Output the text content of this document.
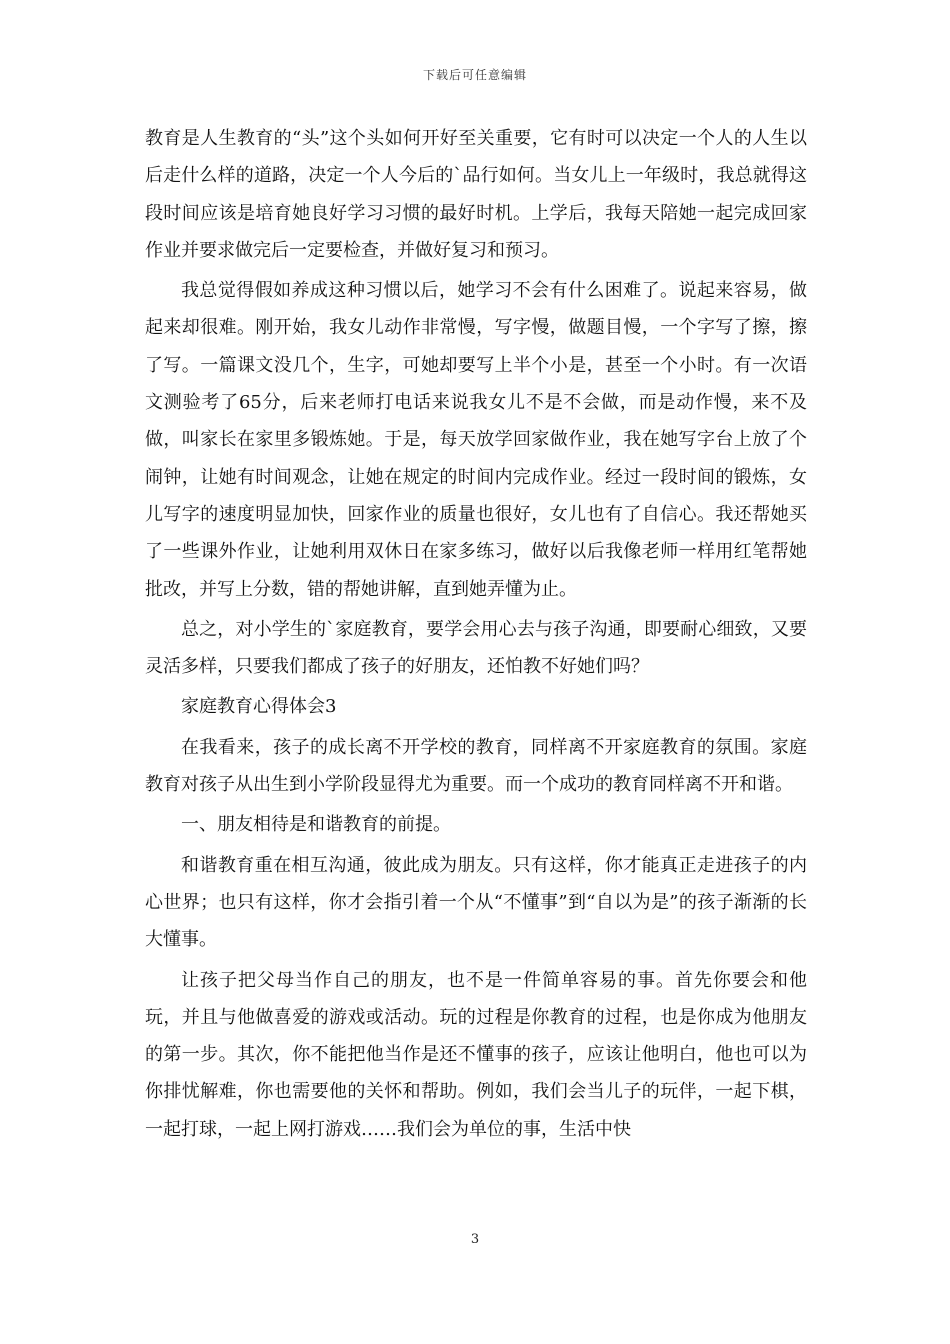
下载后可任意编辑

教育是人生教育的“头”这个头如何开好至关重要，它有时可以决定一个人的人生以后走什么样的道路，决定一个人今后的`品行如何。当女儿上一年级时，我总就得这段时间应该是培育她良好学习习惯的最好时机。上学后，我每天陪她一起完成回家作业并要求做完后一定要检查，并做好复习和预习。

我总觉得假如养成这种习惯以后，她学习不会有什么困难了。说起来容易，做起来却很难。刚开始，我女儿动作非常慢，写字慢，做题目慢，一个字写了擦，擦了写。一篇课文没几个，生字，可她却要写上半个小是，甚至一个小时。有一次语文测验考了65分，后来老师打电话来说我女儿不是不会做，而是动作慢，来不及做，叫家长在家里多锻炼她。于是，每天放学回家做作业，我在她写字台上放了个闹钟，让她有时间观念，让她在规定的时间内完成作业。经过一段时间的锻炼，女儿写字的速度明显加快，回家作业的质量也很好，女儿也有了自信心。我还帮她买了一些课外作业，让她利用双休日在家多练习，做好以后我像老师一样用红笔帮她批改，并写上分数，错的帮她讲解，直到她弄懂为止。

总之，对小学生的`家庭教育，要学会用心去与孩子沟通，即要耐心细致，又要灵活多样，只要我们都成了孩子的好朋友，还怕教不好她们吗？

家庭教育心得体会3

在我看来，孩子的成长离不开学校的教育，同样离不开家庭教育的氛围。家庭教育对孩子从出生到小学阶段显得尤为重要。而一个成功的教育同样离不开和谐。

一、朋友相待是和谐教育的前提。

和谐教育重在相互沟通，彼此成为朋友。只有这样，你才能真正走进孩子的内心世界；也只有这样，你才会指引着一个从“不懂事”到“自以为是”的孩子渐渐的长大懂事。

让孩子把父母当作自己的朋友，也不是一件简单容易的事。首先你要会和他玩，并且与他做喜爱的游戏或活动。玩的过程是你教育的过程，也是你成为他朋友的第一步。其次，你不能把他当作是还不懂事的孩子，应该让他明白，他也可以为你排忧解难，你也需要他的关怀和帮助。例如，我们会当儿子的玩伴，一起下棋，一起打球，一起上网打游戏……我们会为单位的事，生活中快

3
